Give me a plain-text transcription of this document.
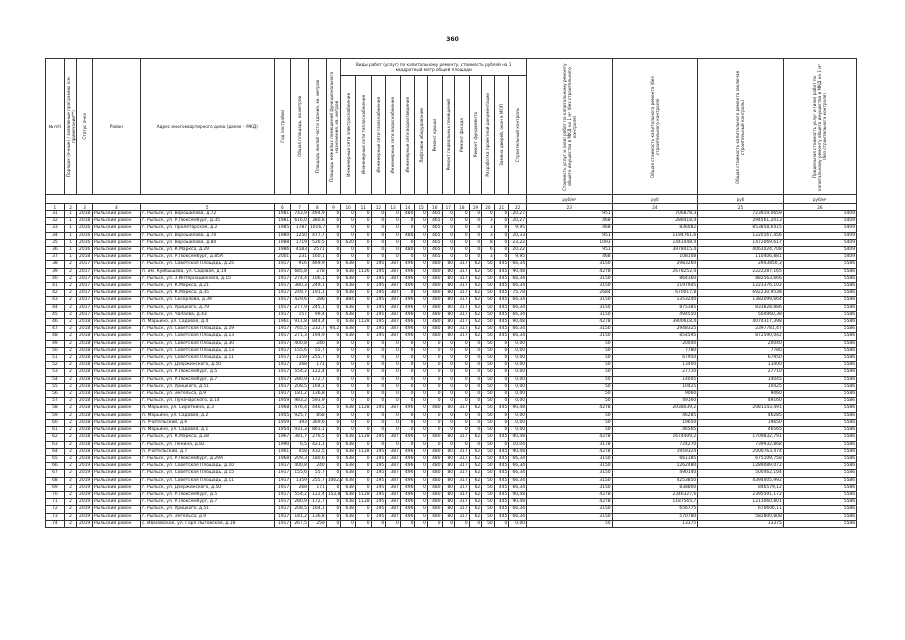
360
№ п/п	Порядок (очные) / заявленые программы (см. примечание**)	Статус очка	Район	Адрес многоквартирного дома (далее – МКД)	Год постройки	Общая площадь, кв.метров	Площадь жилой части здания, кв. метров	Площадь нежилых помещений функционального назначения, кв. метров	Виды работ (услуг) по капитальному ремонту, стоимость рублей на 1 квадратный метр общей площади													Стоимость услуг и (или) работ по капитальному ремонту общего имущества в МКД на 1 м² (без строительного контроля)	Общая стоимость капитального ремонта (без строительного контроля)	Общая стоимость капитального ремонта (включая строительный контроль)	Предельная стоимость услуг и (или) работ по капитальному ремонту общего имущества в МКД на 1 м² (без строительного контроля)

									Инженерные сети электроснабжения	Инженерные сети теплоснабжения	Инженерные сети газоснабжения	Инженерные сети водоснабжения	Инженерные сети водоотведения	Лифтовое оборудование	Ремонт крыши	Ремонт подвальных помещений	Ремонт фасада	Ремонт фундамента	Разработка проектной документации	Замена дверей, окон в МОП	Строительный контроль				

																						руб/м²	руб	руб	руб/м²
1	2	3	4	5	6	7	8	9	10	11	12	13	14	15	16	17	18	19	20	21	22	23	24	25	26
31	1	2018	Рыльский район	г. Рыльск, ул. Ворошилова, д.72	1981	743,9	494,9	0	0	0	0	0	480	0	465	0	0	0	0	0	20,27	951	706878,3	723919,0659	5409
32	1	2018	Рыльский район	г. Рыльск, ул. Р.Люксембург, д.35	1981	616,0	380,8	0	0	0	0	0	0	0	465	0	0	0	3	0	20,27	468	288418,4	294561,2013	5409
33	1	2016	Рыльский район	г. Рыльск, ул. Пролетарская, д.2	1985	1787	1016,7	0	0	0	0	0	0	0	465	0	0	0	3	0	9,95	468	836082	853858,6415	5409
34	1	2016	Рыльский район	г. Рыльск, ул. Ворошилова, д.70	1980	1250	477,7	0	0	0	0	0	480	0	465	0	0	0	3	0	20,33	951	1194761,6	1220167,456	5409
35	1	2016	Рыльский район	г. Рыльск, ул. Ворошилова, д.80	1988	1719	526,5	0	620	0	0	0	0	0	465	0	0	0	8	0	23,22	1093	1441448,4	1472069,617	5409
36	1	2016	Рыльский район	г. Рыльск, ул. К.Маркса, д.29	1986	4183	2571	0	0	0	0	0	480	0	465	0	0	0	6	0	20,22	951	3978415,4	4061024,708	5409
37	1	2018	Рыльский район	г. Рыльск, ул. Р.Люксембург, д.85А	2001	231	160,1	0	0	0	0	0	0	0	465	0	0	0	3	0	9,95	468	108108	110406,881	5409
38	2	2017	Рыльский район	г. Рыльск, ул. Советская Площадь, д.25	1917	916	469,9	0	638	0	195	387	496	0	480	80	317	62	50	445	66,34	3150	2983260	2943850,3	5586
39	2	2017	Рыльский район	п. им. Куйбышева, ул. Садовая, д.14	1917	685,8	278	0	638	1126	195	387	496	0	480	80	317	62	50	445	90,48	4278	2678252,4	2222287,165	5586
40	2	2017	Рыльский район	г. Рыльск, ул. 3 Интернационала, д.15	1917	274,4	106,1	0	638	0	195	387	496	0	480	80	317	62	50	445	66,34	3150	864360	882563,666	5586
41	2	2017	Рыльский район	г. Рыльск, ул. К.Маркса, д.21	1917	380,3	249,1	0	638	0	195	387	496	0	480	80	317	62	50	445	66,34	3150	1197945	1223376,102	5586
42	2	2017	Рыльский район	г. Рыльск, ул. К.Маркса, д.35	1917	249,7	191,1	0	638	0	195	387	0	0	480	80	317	62	50	445	75,78	2684	670017,8	692230,9538	5586
43	2	2017	Рыльский район	г. Рыльск, ул. Сосорлова, д.39	1917	429,6	286	0	884	0	195	387	496	0	480	80	317	62	50	445	66,34	3150	1353240	1382099,664	5586
44	2	2017	Рыльский район	г. Рыльск, ул. Урицкого, д.79	1917	277,9	245,1	0	638	0	195	387	496	0	480	80	317	62	50	445	66,34	3150	875385	833828,886	5586
45	2	2017	Рыльский район	г. Рыльск, ул. Чапаева, д.43	1917	157	99,4	0	638	0	195	387	496	0	480	80	317	62	50	445	66,34	3150	494550	504960,38	5586
46	2	2018	Рыльский район	п. Марьино, ул. Садовая, д.4	1961	911,8	844,4	0	638	1128	195	387	496	0	480	80	317	62	50	445	90,48	4278	3900618,4	4074317,398	5586
47	2	2018	Рыльский район	г. Рыльск, ул. Советская Площадь, д.19	1917	765,5	232,7	94,2	638	0	195	387	496	0	480	80	317	62	50	445	66,34	3150	2948325	2397781,47	5586
48	2	2018	Рыльский район	г. Рыльск, ул. Советская Площадь, д.13	1917	271,3	194,9	0	638	0	195	387	496	0	480	80	317	62	50	445	66,34	3150	854595	872590,042	5586
49	2	2018	Рыльский район	г. Рыльск, ул. Советская Площадь, д.30	1917	400,8	240	0	0	0	0	0	0	0	0	0	0	0	50	0	0,00	50	20040	20040	5586
50	2	2018	Рыльский район	г. Рыльск, ул. Советская Площадь, д.13	1917	155,6	55,7	0	0	0	0	0	0	0	0	0	0	0	50	0	0,00	50	7780	7780	5586
51	2	2018	Рыльский район	г. Рыльск, ул. Советская Площадь, д.11	1917	1359	255,7	0	0	0	0	0	0	0	0	0	0	0	50	0	0,00	50	67950	67950	5586
52	2	2018	Рыльский район	г. Рыльск, ул. Дзержинского, д.50	1917	268	171	0	0	0	0	0	0	0	0	0	0	0	50	0	0,00	50	13400	13400	5586
53	2	2018	Рыльский район	г. Рыльск, ул. Р.Люксембург, д.5	1917	554,2	122,4	0	0	0	0	0	0	0	0	0	0	0	50	0	0,00	50	27710	27710	5586
54	2	2018	Рыльский район	г. Рыльск, ул. Р.Люксембург, д.7	1917	280,9	172,7	0	0	0	0	0	0	0	0	0	0	0	50	0	0,00	50	14045	14045	5586
55	2	2018	Рыльский район	г. Рыльск, ул. Урицкого, д.51	1917	208,5	164,1	0	0	0	0	0	0	0	0	0	0	0	50	0	0,00	50	10425	10425	5586
56	2	2018	Рыльский район	г. Рыльск, ул. Энгельса, д.9	1917	181,2	136,8	0	0	0	0	0	0	0	0	0	0	0	50	0	0,00	50	9060	9060	5586
57	2	2018	Рыльский район	г. Рыльск, ул. Луначарского, д.14	1959	983,2	593,9	0	0	0	0	0	0	0	0	0	0	0	50	0	0,00	50	49160	49160	5586
58	2	2018	Рыльский район	п. Марьино, ул. Сироткина, д.3	1968	476,4	446,5	0	638	1128	195	387	496	0	480	80	317	62	50	445	90,48	4278	2038039,2	2081143,491	5586
59	2	2018	Рыльский район	п. Марьино, ул. Садовая, д.2	1955	925,7	858	0	0	0	0	0	0	0	0	0	0	0	50	0	0,00	50	46285	46285	5586
60	2	2018	Рыльский район	п. Учительский, д.6	1959	393	369,6	0	0	0	0	0	0	0	0	0	0	0	50	0	0,00	50	19650	19650	5586
61	2	2018	Рыльский район	п. Марьино, ул. Садовая, д.1	1954	931,3	861,1	0	0	0	0	0	0	0	0	0	0	0	50	0	0,00	50	46565	46565	5586
62	2	2018	Рыльский район	г. Рыльск, ул. К.Маркса, д.28	1967	381,7	276,5	0	638	1128	195	387	496	0	480	80	317	62	50	445	90,48	4278	1674409,2	1709832,791	5586
63	2	2018	Рыльский район	г. Рыльск, ул. Ленина, д.82	1990	6,5	421,1	0	638	0	0	0	0	0	0	0	0	0	50	0	10,04	3178	724270	739932,868	5586
64	2	2018	Рыльский район	п. Учительский, д.7	1961	458	432,5	0	638	1128	195	387	496	0	480	80	317	62	50	445	90,48	4278	1959324	2000763,474	5586
65	2	2018	Рыльский район	г. Рыльск, ул. Р.Люксембург, д.29А	1968	209,3	180,6	0	638	0	195	387	496	0	480	80	317	62	50	445	66,34	3150	661185	675109,758	5586
66	2	2019	Рыльский район	г. Рыльск, ул. Советская Площадь, д.10	1917	400,8	240	0	638	0	195	387	496	0	480	80	317	62	50	445	66,34	3150	1262480	1289089,072	5586
67	2	2019	Рыльский район	г. Рыльск, ул. Советская Площадь, д.15	1917	155,6	55,7	0	638	0	195	387	496	0	480	80	317	62	50	445	66,34	3150	490140	500462,104	5586
68	2	2019	Рыльский район	г. Рыльск, ул. Советская Площадь, д.11	1917	1359	255,7	1062,2	638	0	195	387	496	0	480	80	317	62	50	445	66,34	3150	4253850	4394005,992	5586
69	2	2019	Рыльский район	г. Рыльск, ул. Дзержинского, д.50	1917	268	171	0	638	0	195	387	496	0	480	80	317	62	50	445	66,34	3150	838800	846579,12	5586
70	2	2019	Рыльский район	г. Рыльск, ул. Р.Люксембург, д.5	1917	554,2	122,4	153,8	638	1128	195	387	496	0	480	80	317	62	50	445	90,48	4278	2346327,6	2395591,172	5586
71	2	2019	Рыльский район	г. Рыльск, ул. Р.Люксембург, д.7	1917	280,9	172,7	0	638	1128	195	387	496	0	480	80	317	62	50	445	90,48	4278	1187565,7	1213060,801	5586
72	2	2019	Рыльский район	г. Рыльск, ул. Урицкого, д.51	1917	208,5	164,1	0	638	0	195	387	496	0	480	80	317	62	50	445	66,34	3150	656775	670606,11	5586
73	2	2019	Рыльский район	г. Рыльск, ул. Энгельса, д.9	1917	181,2	136,8	0	638	0	195	387	496	0	480	80	317	62	50	445	66,34	3150	570780	582800,808	5586
74	2	2019	Рыльский район	с. Ивановское, ул. Горп Лыговская, д.18	1917	267,5	259	0	0	0	0	0	0	0	0	0	0	0	50	0	0,00	50	13375	13375	5586
